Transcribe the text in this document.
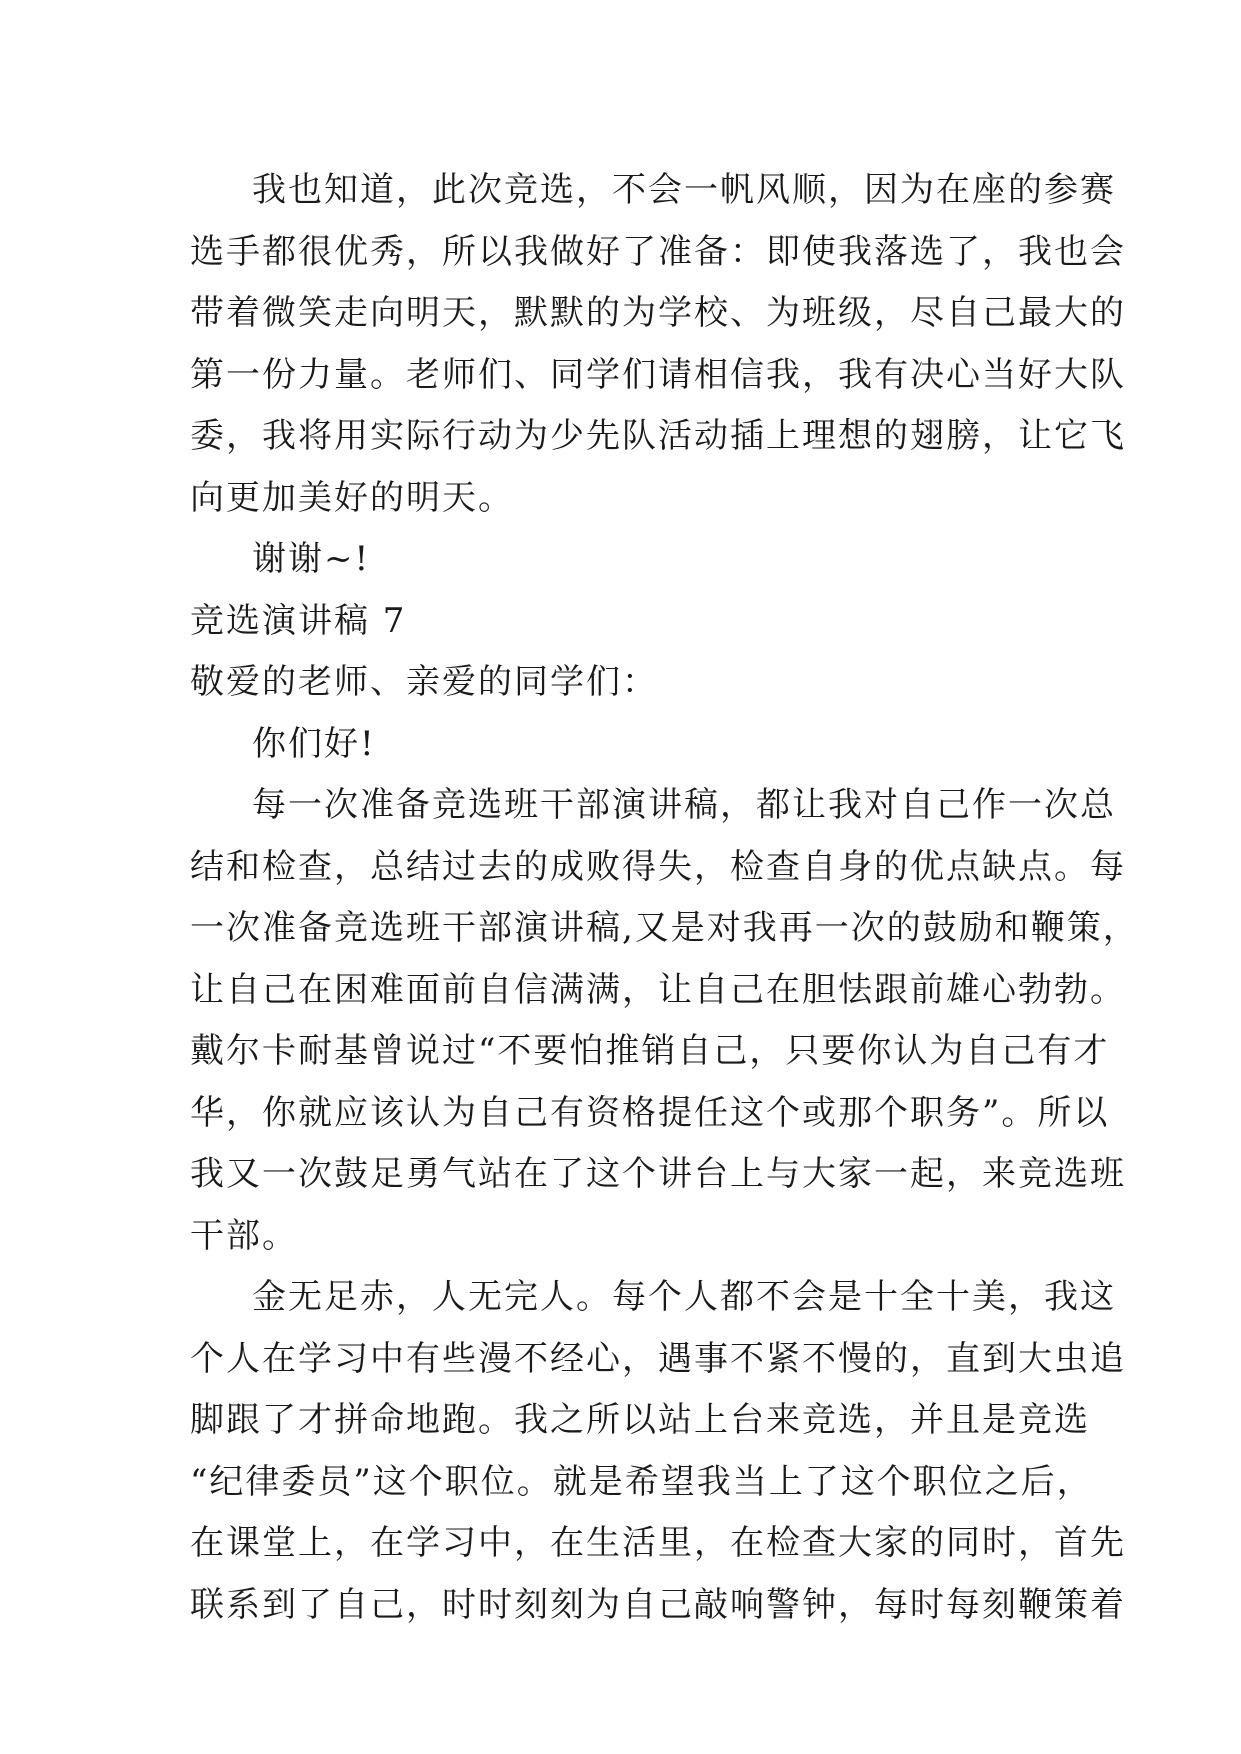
我也知道，此次竞选，不会一帆风顺，因为在座的参赛
选手都很优秀，所以我做好了准备：即使我落选了，我也会
带着微笑走向明天，默默的为学校、为班级，尽自己最大的
第一份力量。老师们、同学们请相信我，我有决心当好大队
委，我将用实际行动为少先队活动插上理想的翅膀，让它飞
向更加美好的明天。
谢谢~!
竞选演讲稿 7
敬爱的老师、亲爱的同学们：
你们好!
每一次准备竞选班干部演讲稿，都让我对自己作一次总
结和检查，总结过去的成败得失，检查自身的优点缺点。每
一次准备竞选班干部演讲稿,又是对我再一次的鼓励和鞭策，
让自己在困难面前自信满满，让自己在胆怯跟前雄心勃勃。
戴尔卡耐基曾说过“不要怕推销自己，只要你认为自己有才
华，你就应该认为自己有资格提任这个或那个职务”。所以
我又一次鼓足勇气站在了这个讲台上与大家一起，来竞选班
干部。
金无足赤，人无完人。每个人都不会是十全十美，我这
个人在学习中有些漫不经心，遇事不紧不慢的，直到大虫追
脚跟了才拼命地跑。我之所以站上台来竞选，并且是竞选
“纪律委员”这个职位。就是希望我当上了这个职位之后，
在课堂上，在学习中，在生活里，在检查大家的同时，首先
联系到了自己，时时刻刻为自己敲响警钟，每时每刻鞭策着
